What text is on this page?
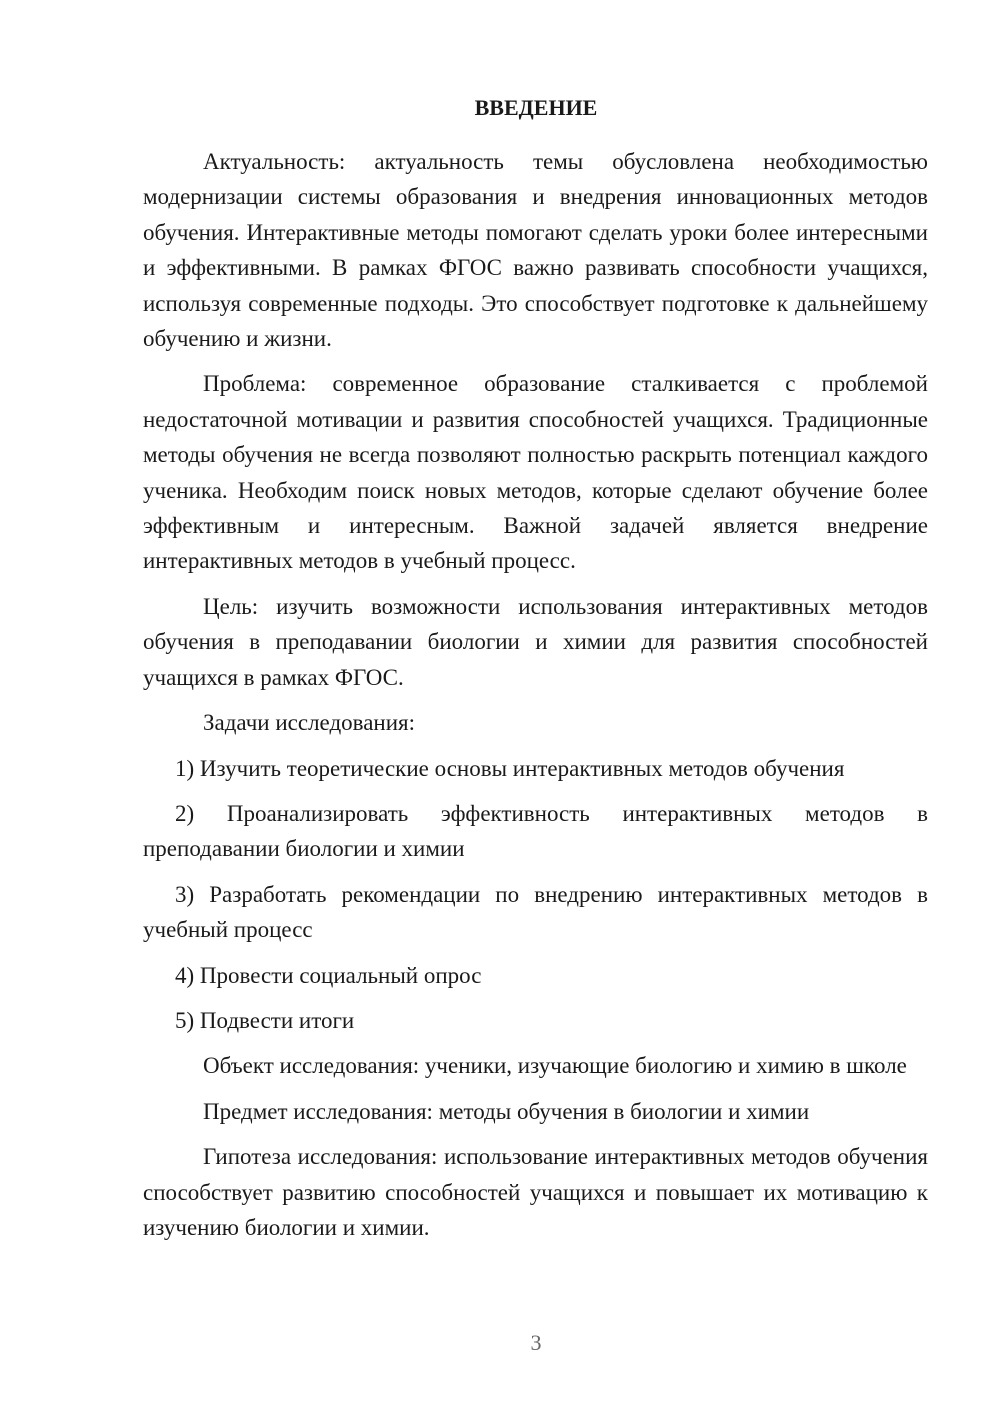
ВВЕДЕНИЕ

Актуальность: актуальность темы обусловлена необходимостью модернизации системы образования и внедрения инновационных методов обучения. Интерактивные методы помогают сделать уроки более интересными и эффективными. В рамках ФГОС важно развивать способности учащихся, используя современные подходы. Это способствует подготовке к дальнейшему обучению и жизни.

Проблема: современное образование сталкивается с проблемой недостаточной мотивации и развития способностей учащихся. Традиционные методы обучения не всегда позволяют полностью раскрыть потенциал каждого ученика. Необходим поиск новых методов, которые сделают обучение более эффективным и интересным. Важной задачей является внедрение интерактивных методов в учебный процесс.

Цель: изучить возможности использования интерактивных методов обучения в преподавании биологии и химии для развития способностей учащихся в рамках ФГОС.

Задачи исследования:

1) Изучить теоретические основы интерактивных методов обучения

2) Проанализировать эффективность интерактивных методов в преподавании биологии и химии

3) Разработать рекомендации по внедрению интерактивных методов в учебный процесс

4) Провести социальный опрос

5) Подвести итоги

Объект исследования: ученики, изучающие биологию и химию в школе

Предмет исследования: методы обучения в биологии и химии

Гипотеза исследования: использование интерактивных методов обучения способствует развитию способностей учащихся и повышает их мотивацию к изучению биологии и химии.

3
